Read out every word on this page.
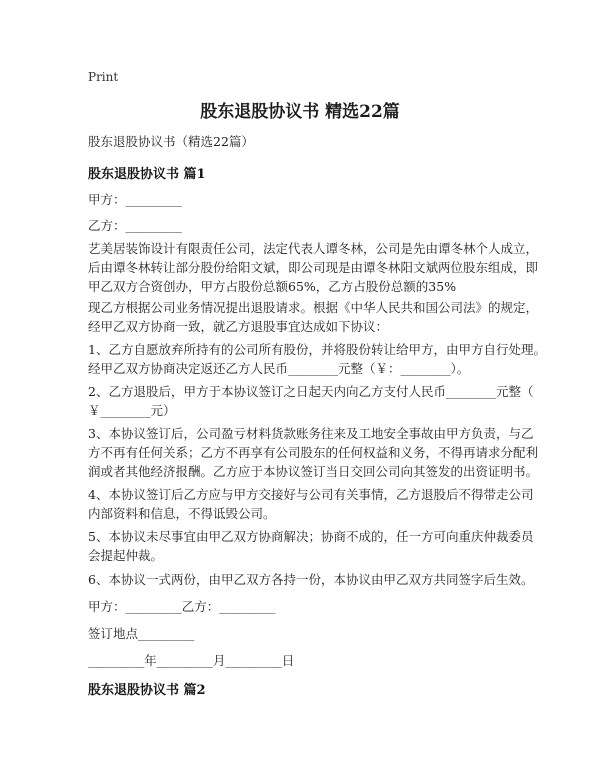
Print
股东退股协议书 精选22篇
股东退股协议书（精选22篇）
股东退股协议书 篇1
甲方：_________
乙方：_________
艺美居装饰设计有限责任公司，法定代表人谭冬林，公司是先由谭冬林个人成立，
后由谭冬林转让部分股份给阳文斌，即公司现是由谭冬林阳文斌两位股东组成，即
甲乙双方合资创办，甲方占股份总额65%，乙方占股份总额的35%
现乙方根据公司业务情况提出退股请求。根据《中华人民共和国公司法》的规定，
经甲乙双方协商一致，就乙方退股事宜达成如下协议：
1、乙方自愿放弃所持有的公司所有股份，并将股份转让给甲方，由甲方自行处理。
经甲乙双方协商决定返还乙方人民币________元整（￥：________）。
2、乙方退股后，甲方于本协议签订之日起天内向乙方支付人民币________元整（
￥________元）
3、本协议签订后，公司盈亏材料货款账务往来及工地安全事故由甲方负责，与乙
方不再有任何关系；乙方不再享有公司股东的任何权益和义务，不得再请求分配利
润或者其他经济报酬。乙方应于本协议签订当日交回公司向其签发的出资证明书。
4、本协议签订后乙方应与甲方交接好与公司有关事情，乙方退股后不得带走公司
内部资料和信息，不得诋毁公司。
5、本协议未尽事宜由甲乙双方协商解决；协商不成的，任一方可向重庆仲裁委员
会提起仲裁。
6、本协议一式两份，由甲乙双方各持一份，本协议由甲乙双方共同签字后生效。
甲方：_________乙方：_________
签订地点_________
_________年_________月_________日
股东退股协议书 篇2
